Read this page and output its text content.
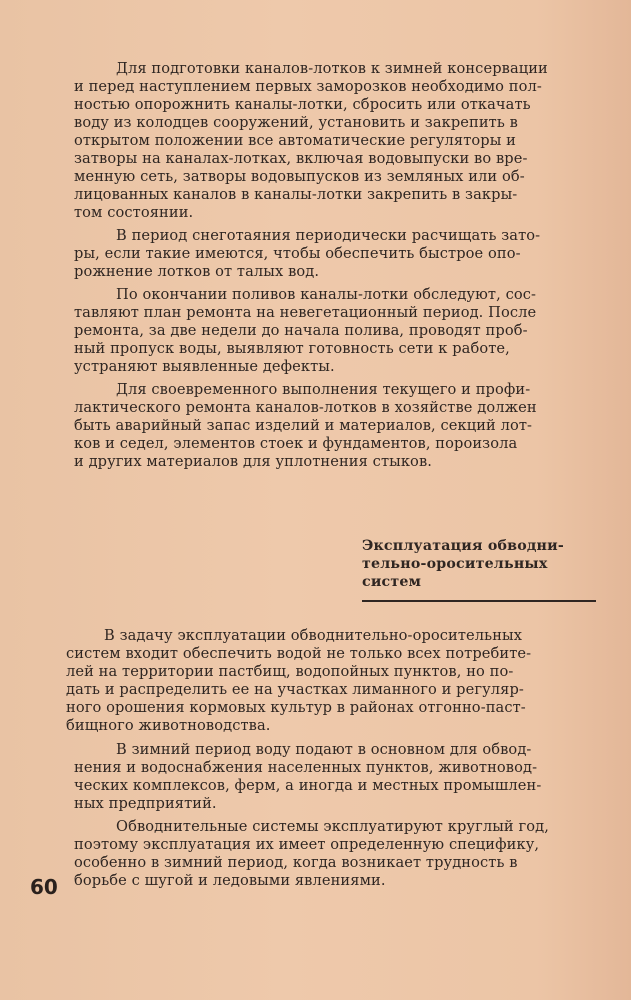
Для подготовки каналов-лотков к зимней консервации

и перед наступлением первых заморозков необходимо пол-

ностью опорожнить каналы-лотки, сбросить или откачать

воду из колодцев сооружений, установить и закрепить в

открытом положении все автоматические регуляторы и

затворы на каналах-лотках, включая водовыпуски во вре-

менную сеть, затворы водовыпусков из земляных или об-

лицованных каналов в каналы-лотки закрепить в закры-

том состоянии.

В период снеготаяния периодически расчищать зато-

ры, если такие имеются, чтобы обеспечить быстрое опо-

рожнение лотков от талых вод.

По окончании поливов каналы-лотки обследуют, сос-

тавляют план ремонта на невегетационный период. После

ремонта, за две недели до начала полива, проводят проб-

ный пропуск воды, выявляют готовность сети к работе,

устраняют выявленные дефекты.

Для своевременного выполнения текущего и профи-

лактического ремонта каналов-лотков в хозяйстве должен

быть аварийный запас изделий и материалов, секций лот-

ков и седел, элементов стоек и фундаментов, пороизола

и других материалов для уплотнения стыков.

Эксплуатация обводни-

тельно-оросительных

систем

В задачу эксплуатации обводнительно-оросительных

систем входит обеспечить водой не только всех потребите-

лей на территории пастбищ, водопойных пунктов, но по-

дать и распределить ее на участках лиманного и регуляр-

ного орошения кормовых культур в районах отгонно-паст-

бищного животноводства.

В зимний период воду подают в основном для обвод-

нения и водоснабжения населенных пунктов, животновод-

ческих комплексов, ферм, а иногда и местных промышлен-

ных предприятий.

Обводнительные системы эксплуатируют круглый год,

поэтому эксплуатация их имеет определенную специфику,

особенно в зимний период, когда возникает трудность в

борьбе с шугой и ледовыми явлениями.

60
